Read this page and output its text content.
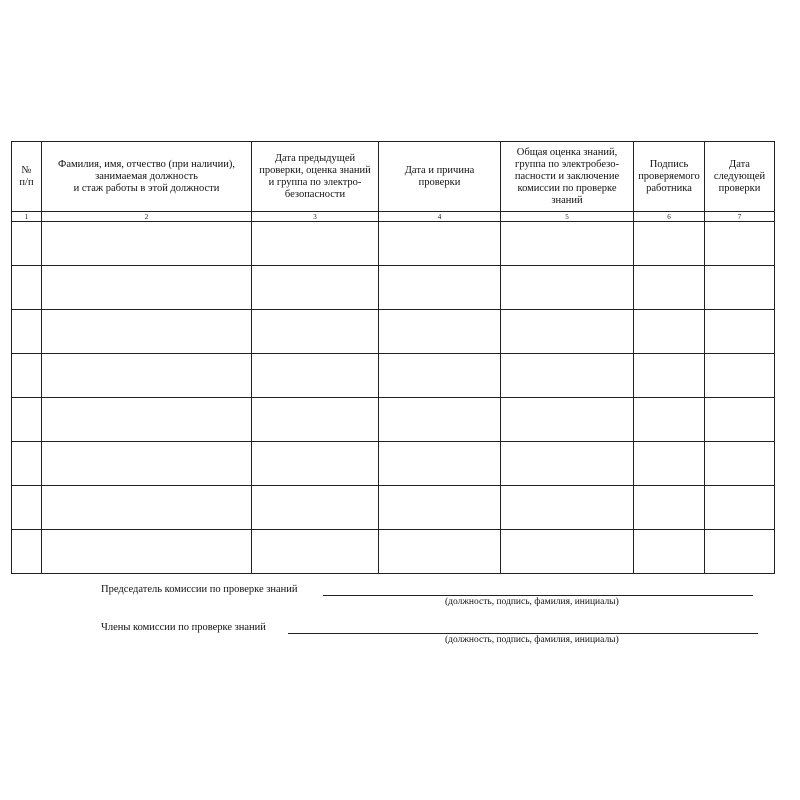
№
п/п	Фамилия, имя, отчество (при наличии),
занимаемая должность
и стаж работы в этой должности	Дата предыдущей
проверки, оценка знаний
и группа по электро-
безопасности	Дата и причина
проверки	Общая оценка знаний,
группа по электробезо-
пасности и заключение
комиссии по проверке
знаний	Подпись
проверяемого
работника	Дата
следующей
проверки

1	2	3	4	5	6	7

Председатель комиссии по проверке знаний
(должность, подпись, фамилия, инициалы)
Члены комиссии по проверке знаний
(должность, подпись, фамилия, инициалы)
